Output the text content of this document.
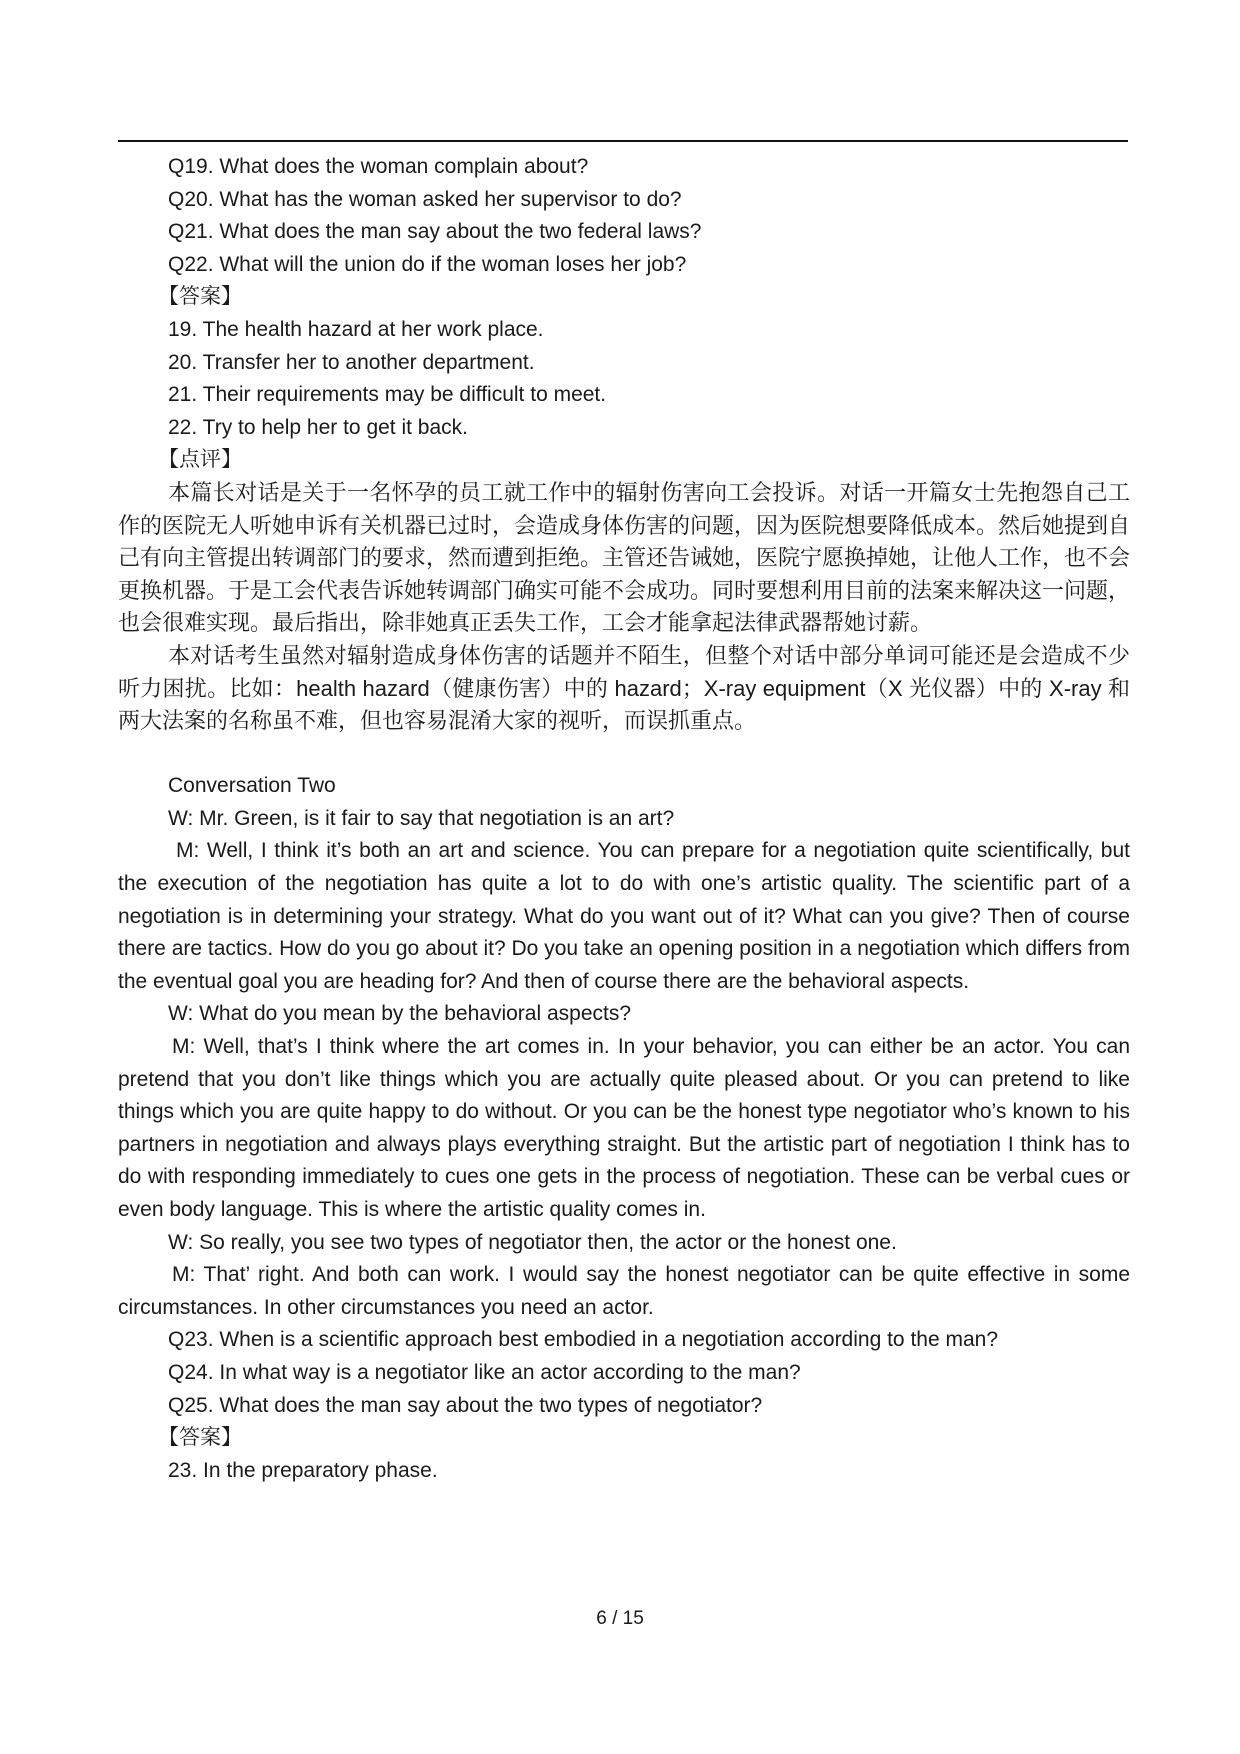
Q19. What does the woman complain about?

Q20. What has the woman asked her supervisor to do?

Q21. What does the man say about the two federal laws?

Q22. What will the union do if the woman loses her job?

【答案】

19. The health hazard at her work place.

20. Transfer her to another department.

21. Their requirements may be difficult to meet.

22. Try to help her to get it back.

【点评】

本篇长对话是关于一名怀孕的员工就工作中的辐射伤害向工会投诉。对话一开篇女士先抱怨自己工作的医院无人听她申诉有关机器已过时，会造成身体伤害的问题，因为医院想要降低成本。然后她提到自己有向主管提出转调部门的要求，然而遭到拒绝。主管还告诫她，医院宁愿换掉她，让他人工作，也不会更换机器。于是工会代表告诉她转调部门确实可能不会成功。同时要想利用目前的法案来解决这一问题，也会很难实现。最后指出，除非她真正丢失工作，工会才能拿起法律武器帮她讨薪。

本对话考生虽然对辐射造成身体伤害的话题并不陌生，但整个对话中部分单词可能还是会造成不少听力困扰。比如：health hazard（健康伤害）中的 hazard；X-ray equipment（X 光仪器）中的 X-ray 和两大法案的名称虽不难，但也容易混淆大家的视听，而误抓重点。

Conversation Two

W: Mr. Green, is it fair to say that negotiation is an art?

M: Well, I think it’s both an art and science. You can prepare for a negotiation quite scientifically, but the execution of the negotiation has quite a lot to do with one’s artistic quality. The scientific part of a negotiation is in determining your strategy. What do you want out of it? What can you give? Then of course there are tactics. How do you go about it? Do you take an opening position in a negotiation which differs from the eventual goal you are heading for? And then of course there are the behavioral aspects.

W: What do you mean by the behavioral aspects?

M: Well, that’s I think where the art comes in. In your behavior, you can either be an actor. You can pretend that you don’t like things which you are actually quite pleased about. Or you can pretend to like things which you are quite happy to do without. Or you can be the honest type negotiator who’s known to his partners in negotiation and always plays everything straight. But the artistic part of negotiation I think has to do with responding immediately to cues one gets in the process of negotiation. These can be verbal cues or even body language. This is where the artistic quality comes in.

W: So really, you see two types of negotiator then, the actor or the honest one.

M: That’ right. And both can work. I would say the honest negotiator can be quite effective in some circumstances. In other circumstances you need an actor.

Q23. When is a scientific approach best embodied in a negotiation according to the man?

Q24. In what way is a negotiator like an actor according to the man?

Q25. What does the man say about the two types of negotiator?

【答案】

23. In the preparatory phase.

6 / 15
